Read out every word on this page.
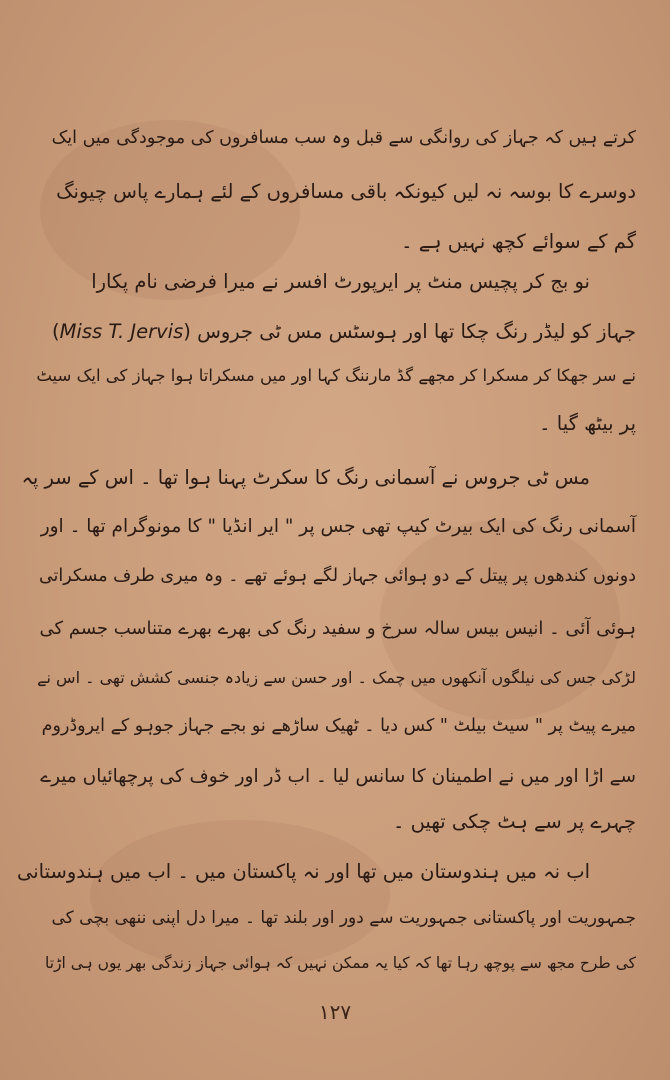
کرتے ہیں کہ جہاز کی روانگی سے قبل وہ سب مسافروں کی موجودگی میں ایک
دوسرے کا بوسہ نہ لیں کیونکہ باقی مسافروں کے لئے ہمارے پاس چیونگ
گم کے سوائے کچھ نہیں ہے ۔
نو بج کر پچیس منٹ پر ایرپورٹ افسر نے میرا فرضی نام پکارا
جہاز کو لیڈر رنگ چکا تھا اور ہوسٹس مس ٹی جروس (Miss T. Jervis)
نے سر جھکا کر مسکرا کر مجھے گڈ مارننگ کہا اور میں مسکراتا ہوا جہاز کی ایک سیٹ
پر بیٹھ گیا ۔
مس ٹی جروس نے آسمانی رنگ کا سکرٹ پہنا ہوا تھا ۔ اس کے سر پہ
آسمانی رنگ کی ایک بیرٹ کیپ تھی جس پر " ایر انڈیا " کا مونوگرام تھا ۔ اور
دونوں کندھوں پر پیتل کے دو ہوائی جہاز لگے ہوئے تھے ۔ وہ میری طرف مسکراتی
ہوئی آئی ۔ انیس بیس سالہ سرخ و سفید رنگ کی بھرے بھرے متناسب جسم کی
لڑکی جس کی نیلگوں آنکھوں میں چمک ۔ اور حسن سے زیادہ جنسی کشش تھی ۔ اس نے
میرے پیٹ پر " سیٹ بیلٹ " کس دیا ۔ ٹھیک ساڑھے نو بجے جہاز جوہو کے ایروڈروم
سے اڑا اور میں نے اطمینان کا سانس لیا ۔ اب ڈر اور خوف کی پرچھائیاں میرے
چہرے پر سے ہٹ چکی تھیں ۔
اب نہ میں ہندوستان میں تھا اور نہ پاکستان میں ۔ اب میں ہندوستانی
جمہوریت اور پاکستانی جمہوریت سے دور اور بلند تھا ۔ میرا دل اپنی ننھی بچی کی
کی طرح مجھ سے پوچھ رہا تھا کہ کیا یہ ممکن نہیں کہ ہوائی جہاز زندگی بھر یوں ہی اڑتا
۱۲۷
